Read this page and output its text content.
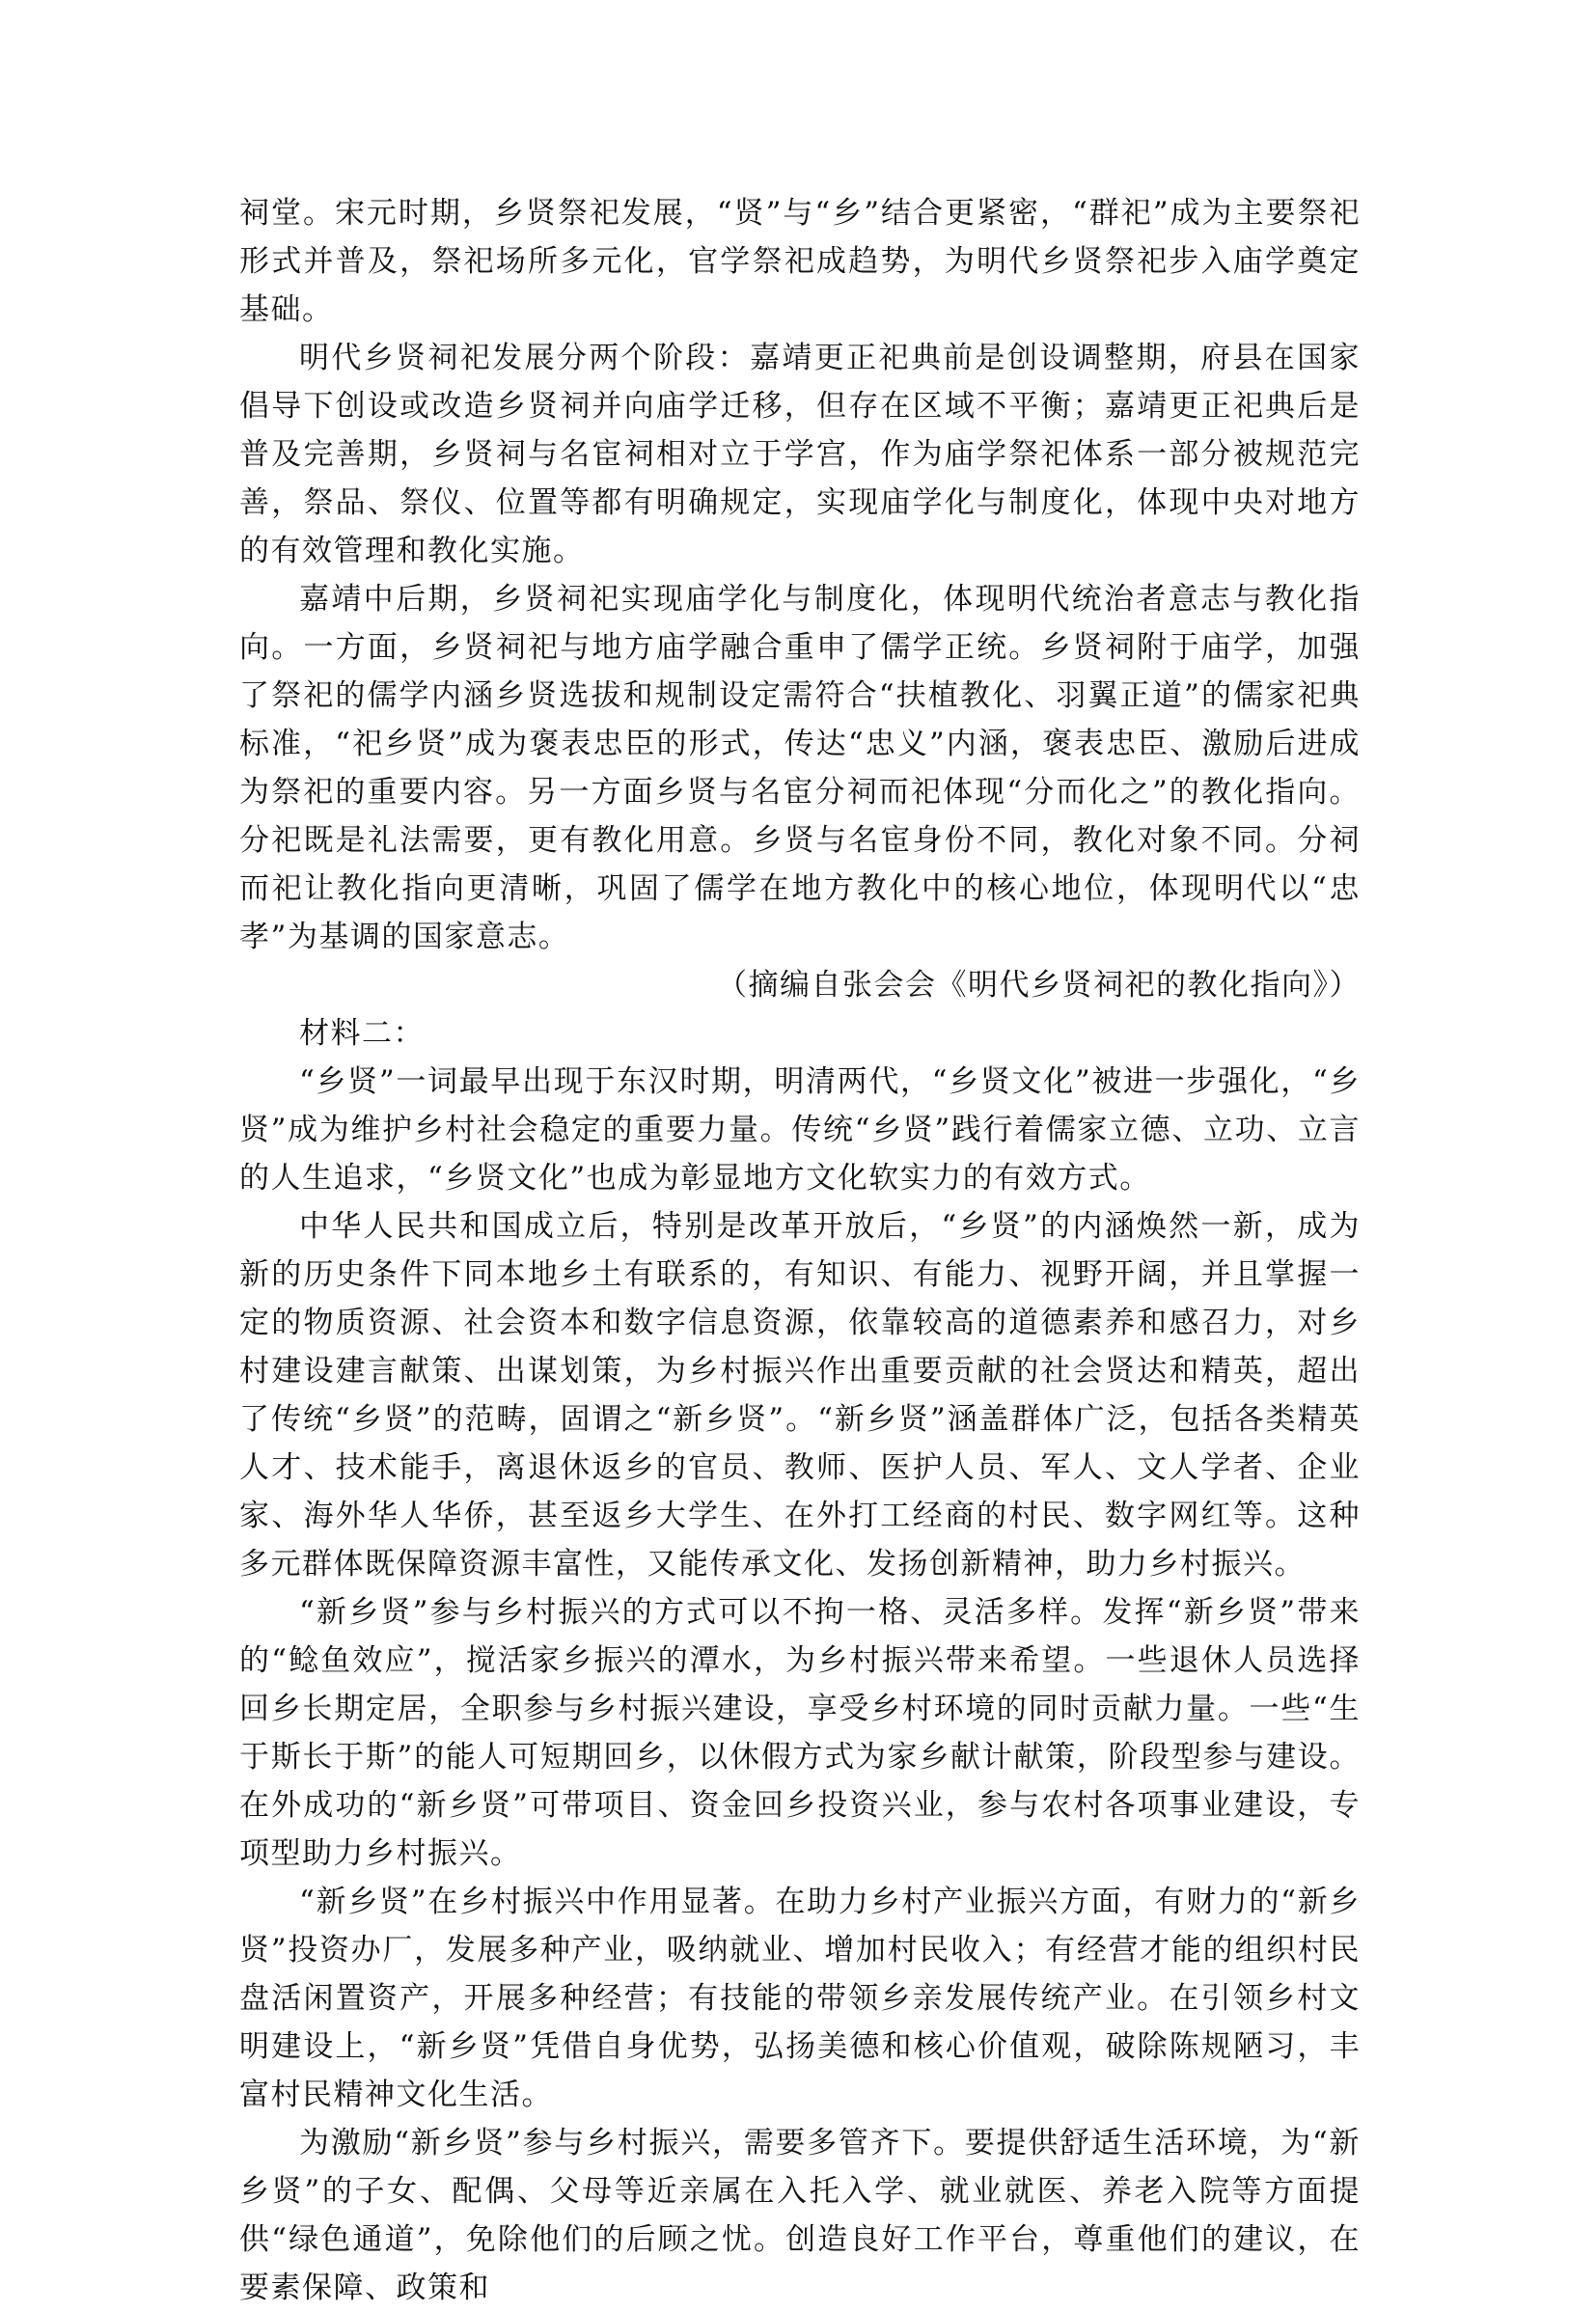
祠堂。宋元时期，乡贤祭祀发展，“贤”与“乡”结合更紧密，“群祀”成为主要祭祀形式并普及，祭祀场所多元化，官学祭祀成趋势，为明代乡贤祭祀步入庙学奠定基础。

明代乡贤祠祀发展分两个阶段：嘉靖更正祀典前是创设调整期，府县在国家倡导下创设或改造乡贤祠并向庙学迁移，但存在区域不平衡；嘉靖更正祀典后是普及完善期，乡贤祠与名宦祠相对立于学宫，作为庙学祭祀体系一部分被规范完善，祭品、祭仪、位置等都有明确规定，实现庙学化与制度化，体现中央对地方的有效管理和教化实施。

嘉靖中后期，乡贤祠祀实现庙学化与制度化，体现明代统治者意志与教化指向。一方面，乡贤祠祀与地方庙学融合重申了儒学正统。乡贤祠附于庙学，加强了祭祀的儒学内涵乡贤选拔和规制设定需符合“扶植教化、羽翼正道”的儒家祀典标准，“祀乡贤”成为褒表忠臣的形式，传达“忠义”内涵，褒表忠臣、激励后进成为祭祀的重要内容。另一方面乡贤与名宦分祠而祀体现“分而化之”的教化指向。分祀既是礼法需要，更有教化用意。乡贤与名宦身份不同，教化对象不同。分祠而祀让教化指向更清晰，巩固了儒学在地方教化中的核心地位，体现明代以“忠孝”为基调的国家意志。

（摘编自张会会《明代乡贤祠祀的教化指向》）

材料二：

“乡贤”一词最早出现于东汉时期，明清两代，“乡贤文化”被进一步强化，“乡贤”成为维护乡村社会稳定的重要力量。传统“乡贤”践行着儒家立德、立功、立言的人生追求，“乡贤文化”也成为彰显地方文化软实力的有效方式。

中华人民共和国成立后，特别是改革开放后，“乡贤”的内涵焕然一新，成为新的历史条件下同本地乡土有联系的，有知识、有能力、视野开阔，并且掌握一定的物质资源、社会资本和数字信息资源，依靠较高的道德素养和感召力，对乡村建设建言献策、出谋划策，为乡村振兴作出重要贡献的社会贤达和精英，超出了传统“乡贤”的范畴，固谓之“新乡贤”。“新乡贤”涵盖群体广泛，包括各类精英人才、技术能手，离退休返乡的官员、教师、医护人员、军人、文人学者、企业家、海外华人华侨，甚至返乡大学生、在外打工经商的村民、数字网红等。这种多元群体既保障资源丰富性，又能传承文化、发扬创新精神，助力乡村振兴。

“新乡贤”参与乡村振兴的方式可以不拘一格、灵活多样。发挥“新乡贤”带来的“鲶鱼效应”，搅活家乡振兴的潭水，为乡村振兴带来希望。一些退休人员选择回乡长期定居，全职参与乡村振兴建设，享受乡村环境的同时贡献力量。一些“生于斯长于斯”的能人可短期回乡，以休假方式为家乡献计献策，阶段型参与建设。在外成功的“新乡贤”可带项目、资金回乡投资兴业，参与农村各项事业建设，专项型助力乡村振兴。

“新乡贤”在乡村振兴中作用显著。在助力乡村产业振兴方面，有财力的“新乡贤”投资办厂，发展多种产业，吸纳就业、增加村民收入；有经营才能的组织村民盘活闲置资产，开展多种经营；有技能的带领乡亲发展传统产业。在引领乡村文明建设上，“新乡贤”凭借自身优势，弘扬美德和核心价值观，破除陈规陋习，丰富村民精神文化生活。

为激励“新乡贤”参与乡村振兴，需要多管齐下。要提供舒适生活环境，为“新乡贤”的子女、配偶、父母等近亲属在入托入学、就业就医、养老入院等方面提供“绿色通道”，免除他们的后顾之忧。创造良好工作平台，尊重他们的建议，在要素保障、政策和
